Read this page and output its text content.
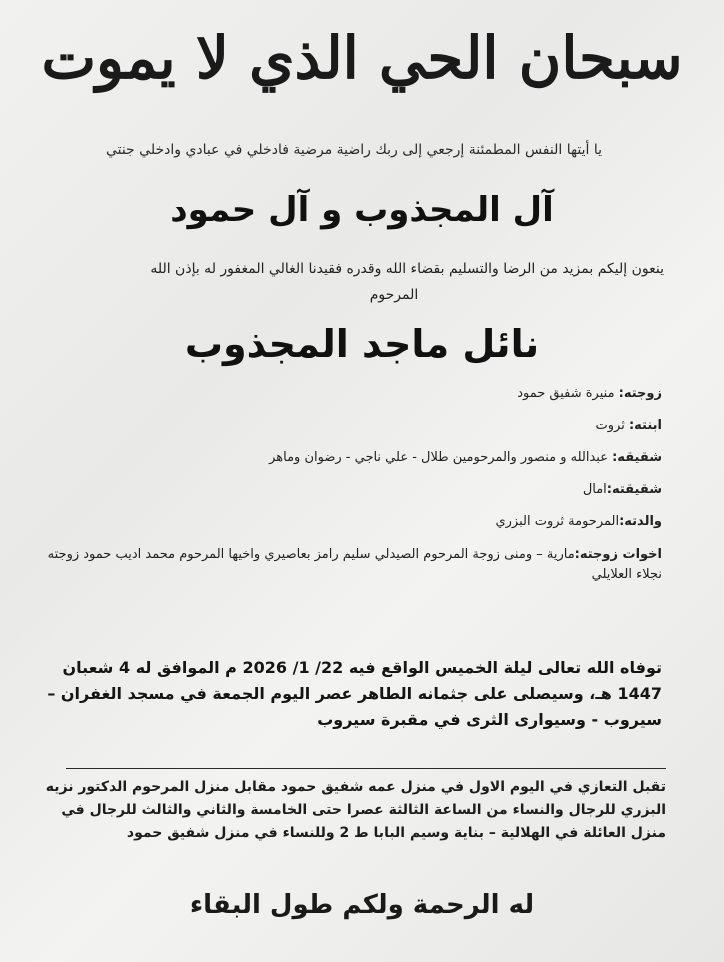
سبحان الحي الذي لا يموت
يا أيتها النفس المطمئنة إرجعي إلى ربك راضية مرضية فادخلي في عبادي وادخلي جنتي
آل المجذوب و آل حمود
ينعون إليكم بمزيد من الرضا والتسليم بقضاء الله وقدره فقيدنا الغالي المغفور له بإذن الله
المرحوم
نائل ماجد المجذوب
زوجته: منيرة شفيق حمود
ابنته: ثروت
شقيقه: عبدالله و منصور والمرحومين طلال - علي ناجي - رضوان وماهر
شقيقته:امال
والدته:المرحومة ثروت البزري
اخوات زوجته:مارية – ومنى زوجة المرحوم الصيدلي سليم رامز بعاصيري واخيها المرحوم محمد اديب حمود زوجته نجلاء العلايلي
توفاه الله تعالى ليلة الخميس الواقع فيه 22/ 1/ 2026 م الموافق له 4 شعبان 1447 هـ، وسيصلى على جثمانه الطاهر عصر اليوم الجمعة في مسجد الغفران – سيروب - وسيوارى الثرى في مقبرة سيروب
تقبل التعازي في اليوم الاول في منزل عمه شفيق حمود مقابل منزل المرحوم الدكتور نزيه البزري للرجال والنساء من الساعة الثالثة عصرا حتى الخامسة والثاني والثالث للرجال في منزل العائلة في الهلالية – بناية وسيم البابا ط 2 وللنساء في منزل شفيق حمود
له الرحمة ولكم طول البقاء
